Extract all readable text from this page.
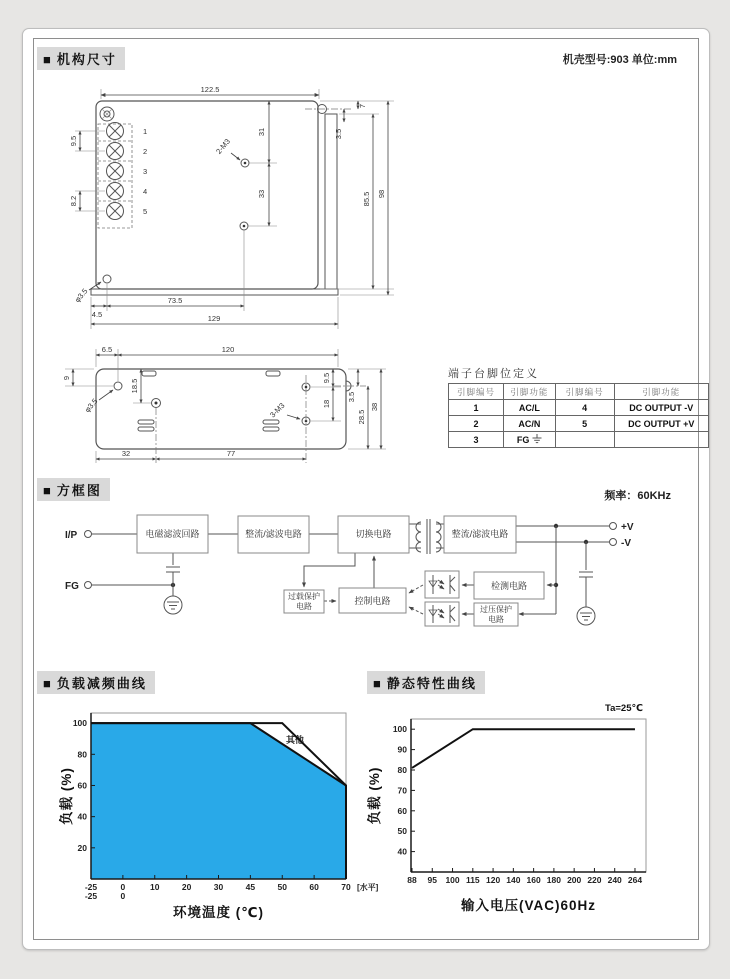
■ 机构尺寸	机壳型号:903 单位:mm
1
2
3
4
5
122.5
9.5
8.2
31
33
2-M3
7
3.5
85.5 98
φ3.5
4.5
73.5
129
6.5	120
9
18.5
φ3.5	3-M3
9.5
18
3.5
28.5
38
32	77
端子台脚位定义
引脚编号	引脚功能	引脚编号	引脚功能
1	AC/L	4	DC OUTPUT -V
2	AC/N	5	DC OUTPUT +V
3	FG		
■ 方框图	频率：60KHz
I/P
FG
+V
-V
电磁滤波回路	整流/滤波电路	切换电路	整流/滤波电路
过载保护
电路
控制电路
检测电路
过压保护
电路
■ 负载减频曲线	■ 静态特性曲线
其他
20
40
60
80
100
-25
-25
0
0
10	20	30	45	50	60	70 [水平]
环境温度 (℃)
负载 (%)
Ta=25℃
40
50
60
70
80
90
100
88 95 100 115 120 140 160 180 200 220 240 264
输入电压(VAC)60Hz
负载 (%)
